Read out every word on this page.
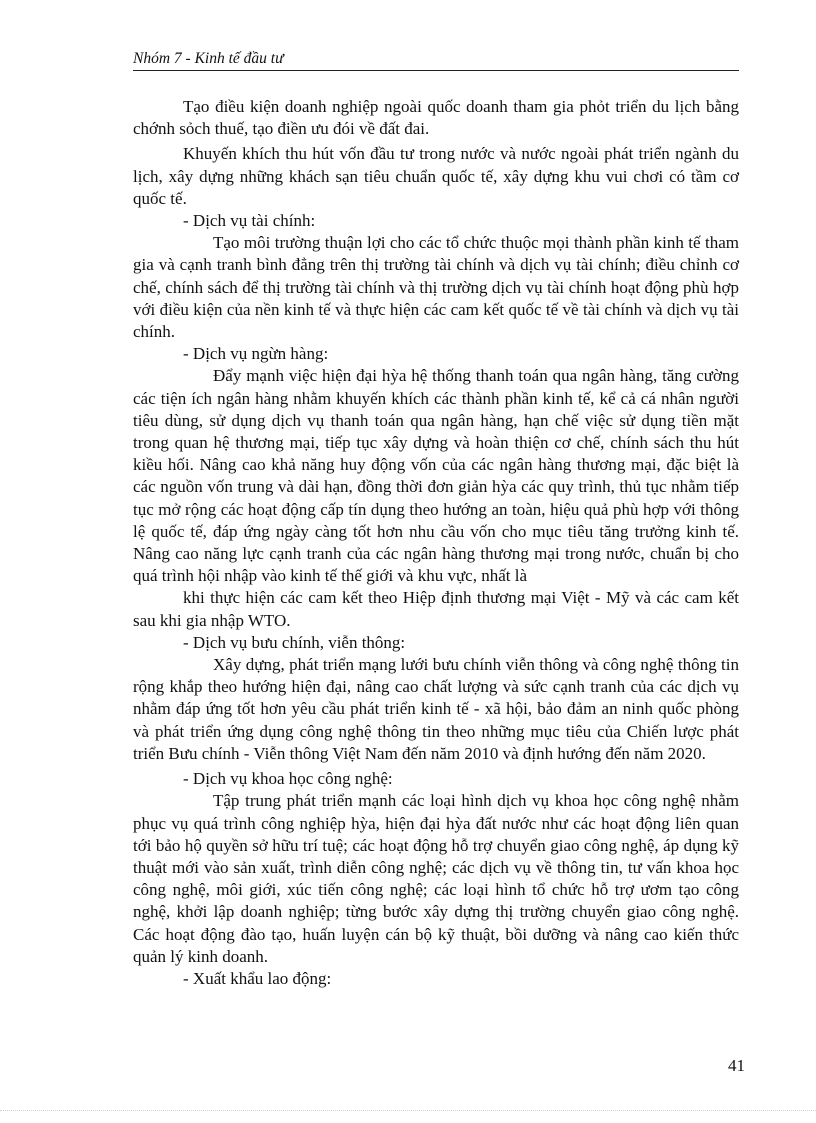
Nhóm 7 - Kinh tế đầu tư

Tạo điều kiện doanh nghiệp ngoài quốc doanh tham gia phỏt triển du lịch bằng chớnh sỏch thuế, tạo điền ưu đói về đất đai.

Khuyến khích thu hút vốn đầu tư trong nước và nước ngoài phát triển ngành du lịch, xây dựng những khách sạn tiêu chuẩn quốc tế, xây dựng khu vui chơi có tầm cơ quốc tế.

- Dịch vụ tài chính:

Tạo môi trường thuận lợi cho các tổ chức thuộc mọi thành phần kinh tế tham gia và cạnh tranh bình đẳng trên thị trường tài chính và dịch vụ tài chính; điều chỉnh cơ chế, chính sách để thị trường tài chính và thị trường dịch vụ tài chính hoạt động phù hợp với điều kiện của nền kinh tế và thực hiện các cam kết quốc tế về tài chính và dịch vụ tài chính.

- Dịch vụ ngừn hàng:

Đẩy mạnh việc hiện đại hỳa hệ thống thanh toán qua ngân hàng, tăng cường các tiện ích ngân hàng nhằm khuyến khích các thành phần kinh tế, kể cả cá nhân người tiêu dùng, sử dụng dịch vụ thanh toán qua ngân hàng, hạn chế việc sử dụng tiền mặt trong quan hệ thương mại, tiếp tục xây dựng và hoàn thiện cơ chế, chính sách thu hút kiều hối. Nâng cao khả năng huy động vốn của các ngân hàng thương mại, đặc biệt là các nguồn vốn trung và dài hạn, đồng thời đơn giản hỳa các quy trình, thủ tục nhằm tiếp tục mở rộng các hoạt động cấp tín dụng theo hướng an toàn, hiệu quả phù hợp với thông lệ quốc tế, đáp ứng ngày càng tốt hơn nhu cầu vốn cho mục tiêu tăng trưởng kinh tế. Nâng cao năng lực cạnh tranh của các ngân hàng thương mại trong nước, chuẩn bị cho quá trình hội nhập vào kinh tế thế giới và khu vực, nhất là

khi thực hiện các cam kết theo Hiệp định thương mại Việt - Mỹ và các cam kết sau khi gia nhập WTO.

- Dịch vụ bưu chính, viễn thông:

Xây dựng, phát triển mạng lưới bưu chính viễn thông và công nghệ thông tin rộng khắp theo hướng hiện đại, nâng cao chất lượng và sức cạnh tranh của các dịch vụ nhằm đáp ứng tốt hơn yêu cầu phát triển kinh tế - xã hội, bảo đảm an ninh quốc phòng và phát triển ứng dụng công nghệ thông tin theo những mục tiêu của Chiến lược phát triển Bưu chính - Viễn thông Việt Nam đến năm 2010 và định hướng đến năm 2020.

- Dịch vụ khoa học công nghệ:

Tập trung phát triển mạnh các loại hình dịch vụ khoa học công nghệ nhằm phục vụ quá trình công nghiệp hỳa, hiện đại hỳa đất nước như các hoạt động liên quan tới bảo hộ quyền sở hữu trí tuệ; các hoạt động hỗ trợ chuyển giao công nghệ, áp dụng kỹ thuật mới vào sản xuất, trình diễn công nghệ; các dịch vụ về thông tin, tư vấn khoa học công nghệ, môi giới, xúc tiến công nghệ; các loại hình tổ chức hỗ trợ ươm tạo công nghệ, khởi lập doanh nghiệp; từng bước xây dựng thị trường chuyển giao công nghệ. Các hoạt động đào tạo, huấn luyện cán bộ kỹ thuật, bồi dưỡng và nâng cao kiến thức quản lý kinh doanh.

- Xuất khẩu lao động:

41
